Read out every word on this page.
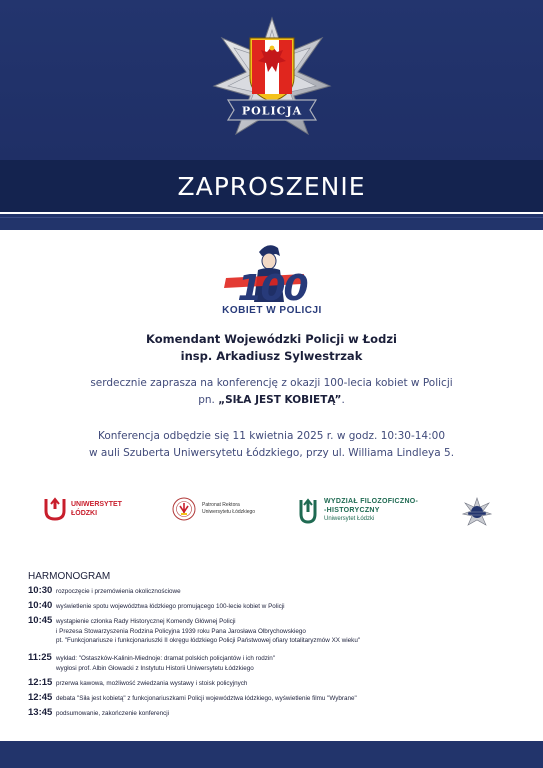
POLICJA
ZAPROSZENIE
100
KOBIET W POLICJI
Komendant Wojewódzki Policji w Łodzi
insp. Arkadiusz Sylwestrzak
serdecznie zaprasza na konferencję z okazji 100-lecia kobiet w Policji
pn. „SIŁA JEST KOBIETĄ”.
Konferencja odbędzie się 11 kwietnia 2025 r. w godz. 10:30-14:00
w auli Szuberta Uniwersytetu Łódzkiego, przy ul. Williama Lindleya 5.
UNIWERSYTET
ŁÓDZKI
Patronat Rektora
Uniwersytetu Łódzkiego
WYDZIAŁ FILOZOFICZNO-
-HISTORYCZNY
Uniwersytet Łódzki
HARMONOGRAM
10:30 rozpoczęcie i przemówienia okolicznościowe
10:40 wyświetlenie spotu województwa łódzkiego promującego 100-lecie kobiet w Policji
10:45 wystąpienie członka Rady Historycznej Komendy Głównej Policji
i Prezesa Stowarzyszenia Rodzina Policyjna 1939 roku Pana Jarosława Olbrychowskiego
pt. "Funkcjonariusze i funkcjonariuszki II okręgu łódzkiego Policji Państwowej ofiary totalitaryzmów XX wieku"
11:25 wykład: "Ostaszków-Kalinin-Miednoje: dramat polskich policjantów i ich rodzin"
wygłosi prof. Albin Głowacki z Instytutu Historii Uniwersytetu Łódzkiego
12:15 przerwa kawowa, możliwość zwiedzania wystawy i stoisk policyjnych
12:45 debata "Siła jest kobietą" z funkcjonariuszkami Policji województwa łódzkiego, wyświetlenie filmu "Wybrane"
13:45 podsumowanie, zakończenie konferencji
